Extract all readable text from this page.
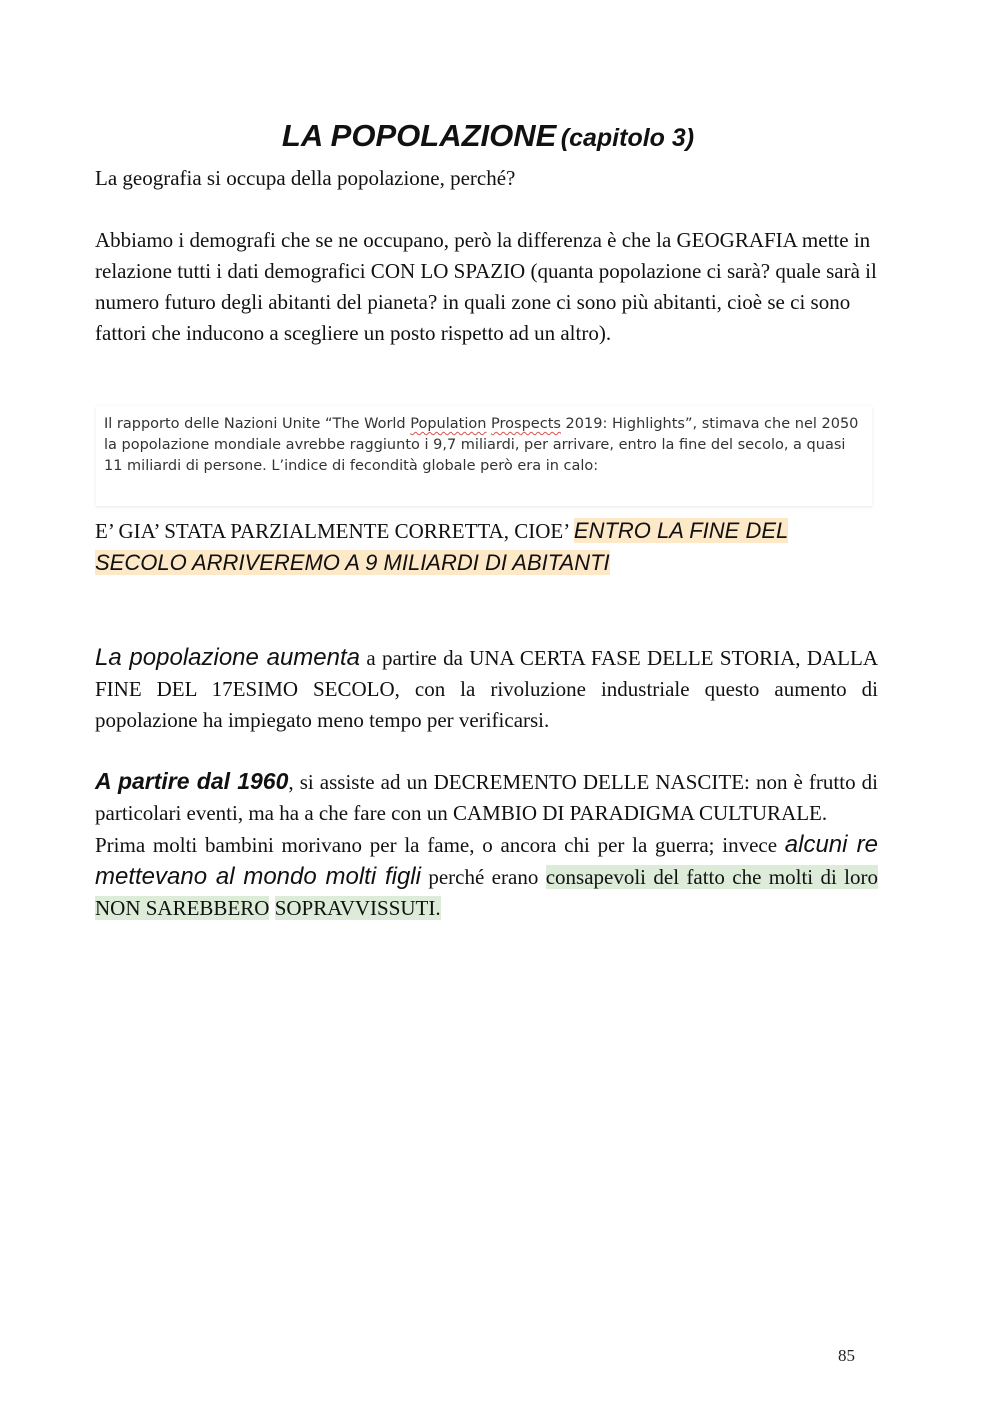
LA POPOLAZIONE (capitolo 3)

La geografia si occupa della popolazione, perché?

Abbiamo i demografi che se ne occupano, però la differenza è che la GEOGRAFIA mette in relazione tutti i dati demografici CON LO SPAZIO (quanta popolazione ci sarà? quale sarà il numero futuro degli abitanti del pianeta? in quali zone ci sono più abitanti, cioè se ci sono fattori che inducono a scegliere un posto rispetto ad un altro).

Il rapporto delle Nazioni Unite “The World Population Prospects 2019: Highlights”, stimava che nel 2050 la popolazione mondiale avrebbe raggiunto i 9,7 miliardi, per arrivare, entro la fine del secolo, a quasi 11 miliardi di persone. L’indice di fecondità globale però era in calo:

E’ GIA’ STATA PARZIALMENTE CORRETTA, CIOE’ ENTRO LA FINE DEL SECOLO ARRIVEREMO A 9 MILIARDI DI ABITANTI

La popolazione aumenta a partire da UNA CERTA FASE DELLE STORIA, DALLA FINE DEL 17ESIMO SECOLO, con la rivoluzione industriale questo aumento di popolazione ha impiegato meno tempo per verificarsi.

A partire dal 1960, si assiste ad un DECREMENTO DELLE NASCITE: non è frutto di particolari eventi, ma ha a che fare con un CAMBIO DI PARADIGMA CULTURALE.

Prima molti bambini morivano per la fame, o ancora chi per la guerra; invece alcuni re mettevano al mondo molti figli perché erano consapevoli del fatto che molti di loro NON SAREBBERO SOPRAVVISSUTI.

85
